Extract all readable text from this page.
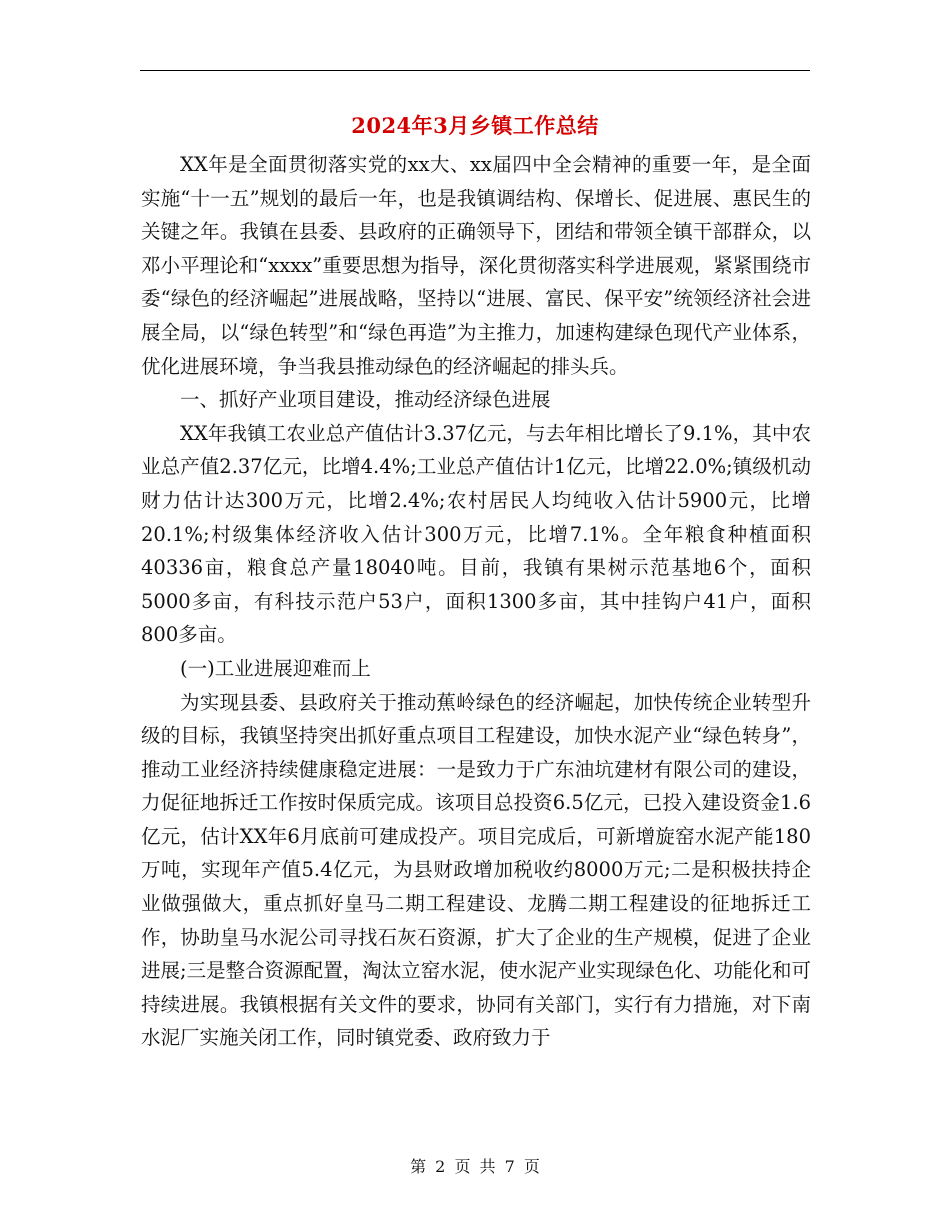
2024年3月乡镇工作总结

XX年是全面贯彻落实党的xx大、xx届四中全会精神的重要一年，是全面实施“十一五”规划的最后一年，也是我镇调结构、保增长、促进展、惠民生的关键之年。我镇在县委、县政府的正确领导下，团结和带领全镇干部群众，以邓小平理论和“xxxx”重要思想为指导，深化贯彻落实科学进展观，紧紧围绕市委“绿色的经济崛起”进展战略，坚持以“进展、富民、保平安”统领经济社会进展全局，以“绿色转型”和“绿色再造”为主推力，加速构建绿色现代产业体系，优化进展环境，争当我县推动绿色的经济崛起的排头兵。

一、抓好产业项目建设，推动经济绿色进展

XX年我镇工农业总产值估计3.37亿元，与去年相比增长了9.1%，其中农业总产值2.37亿元，比增4.4%;工业总产值估计1亿元，比增22.0%;镇级机动财力估计达300万元，比增2.4%;农村居民人均纯收入估计5900元，比增20.1%;村级集体经济收入估计300万元，比增7.1%。全年粮食种植面积40336亩，粮食总产量18040吨。目前，我镇有果树示范基地6个，面积5000多亩，有科技示范户53户，面积1300多亩，其中挂钩户41户，面积800多亩。

(一)工业进展迎难而上

为实现县委、县政府关于推动蕉岭绿色的经济崛起，加快传统企业转型升级的目标，我镇坚持突出抓好重点项目工程建设，加快水泥产业“绿色转身”，推动工业经济持续健康稳定进展：一是致力于广东油坑建材有限公司的建设，力促征地拆迁工作按时保质完成。该项目总投资6.5亿元，已投入建设资金1.6亿元，估计XX年6月底前可建成投产。项目完成后，可新增旋窑水泥产能180万吨，实现年产值5.4亿元，为县财政增加税收约8000万元;二是积极扶持企业做强做大，重点抓好皇马二期工程建设、龙腾二期工程建设的征地拆迁工作，协助皇马水泥公司寻找石灰石资源，扩大了企业的生产规模，促进了企业进展;三是整合资源配置，淘汰立窑水泥，使水泥产业实现绿色化、功能化和可持续进展。我镇根据有关文件的要求，协同有关部门，实行有力措施，对下南水泥厂实施关闭工作，同时镇党委、政府致力于

第 2 页 共 7 页
